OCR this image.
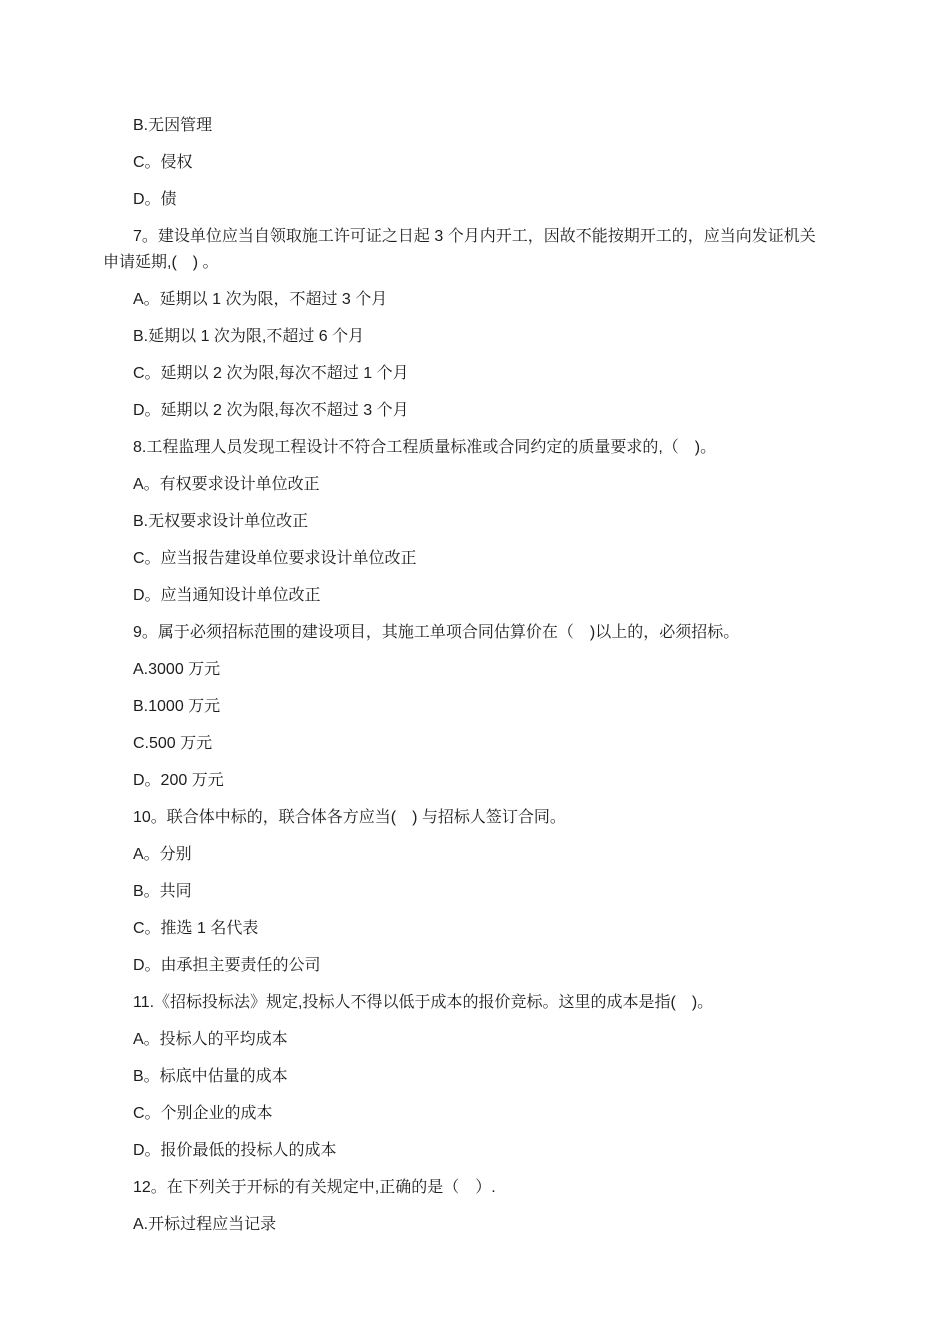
B.无因管理

C。侵权

D。债

7。建设单位应当自领取施工许可证之日起 3 个月内开工，因故不能按期开工的，应当向发证机关
申请延期,(　) 。

A。延期以 1 次为限，不超过 3 个月

B.延期以 1 次为限,不超过 6 个月

C。延期以 2 次为限,每次不超过 1 个月

D。延期以 2 次为限,每次不超过 3 个月

8.工程监理人员发现工程设计不符合工程质量标准或合同约定的质量要求的,（　)。

A。有权要求设计单位改正

B.无权要求设计单位改正

C。应当报告建设单位要求设计单位改正

D。应当通知设计单位改正

9。属于必须招标范围的建设项目，其施工单项合同估算价在（　)以上的，必须招标。

A.3000 万元

B.1000 万元

C.500 万元

D。200 万元

10。联合体中标的，联合体各方应当(　) 与招标人签订合同。

A。分别

B。共同

C。推选 1 名代表

D。由承担主要责任的公司

11.《招标投标法》规定,投标人不得以低于成本的报价竞标。这里的成本是指(　)。

A。投标人的平均成本

B。标底中估量的成本

C。个别企业的成本

D。报价最低的投标人的成本

12。在下列关于开标的有关规定中,正确的是（　）.

A.开标过程应当记录
